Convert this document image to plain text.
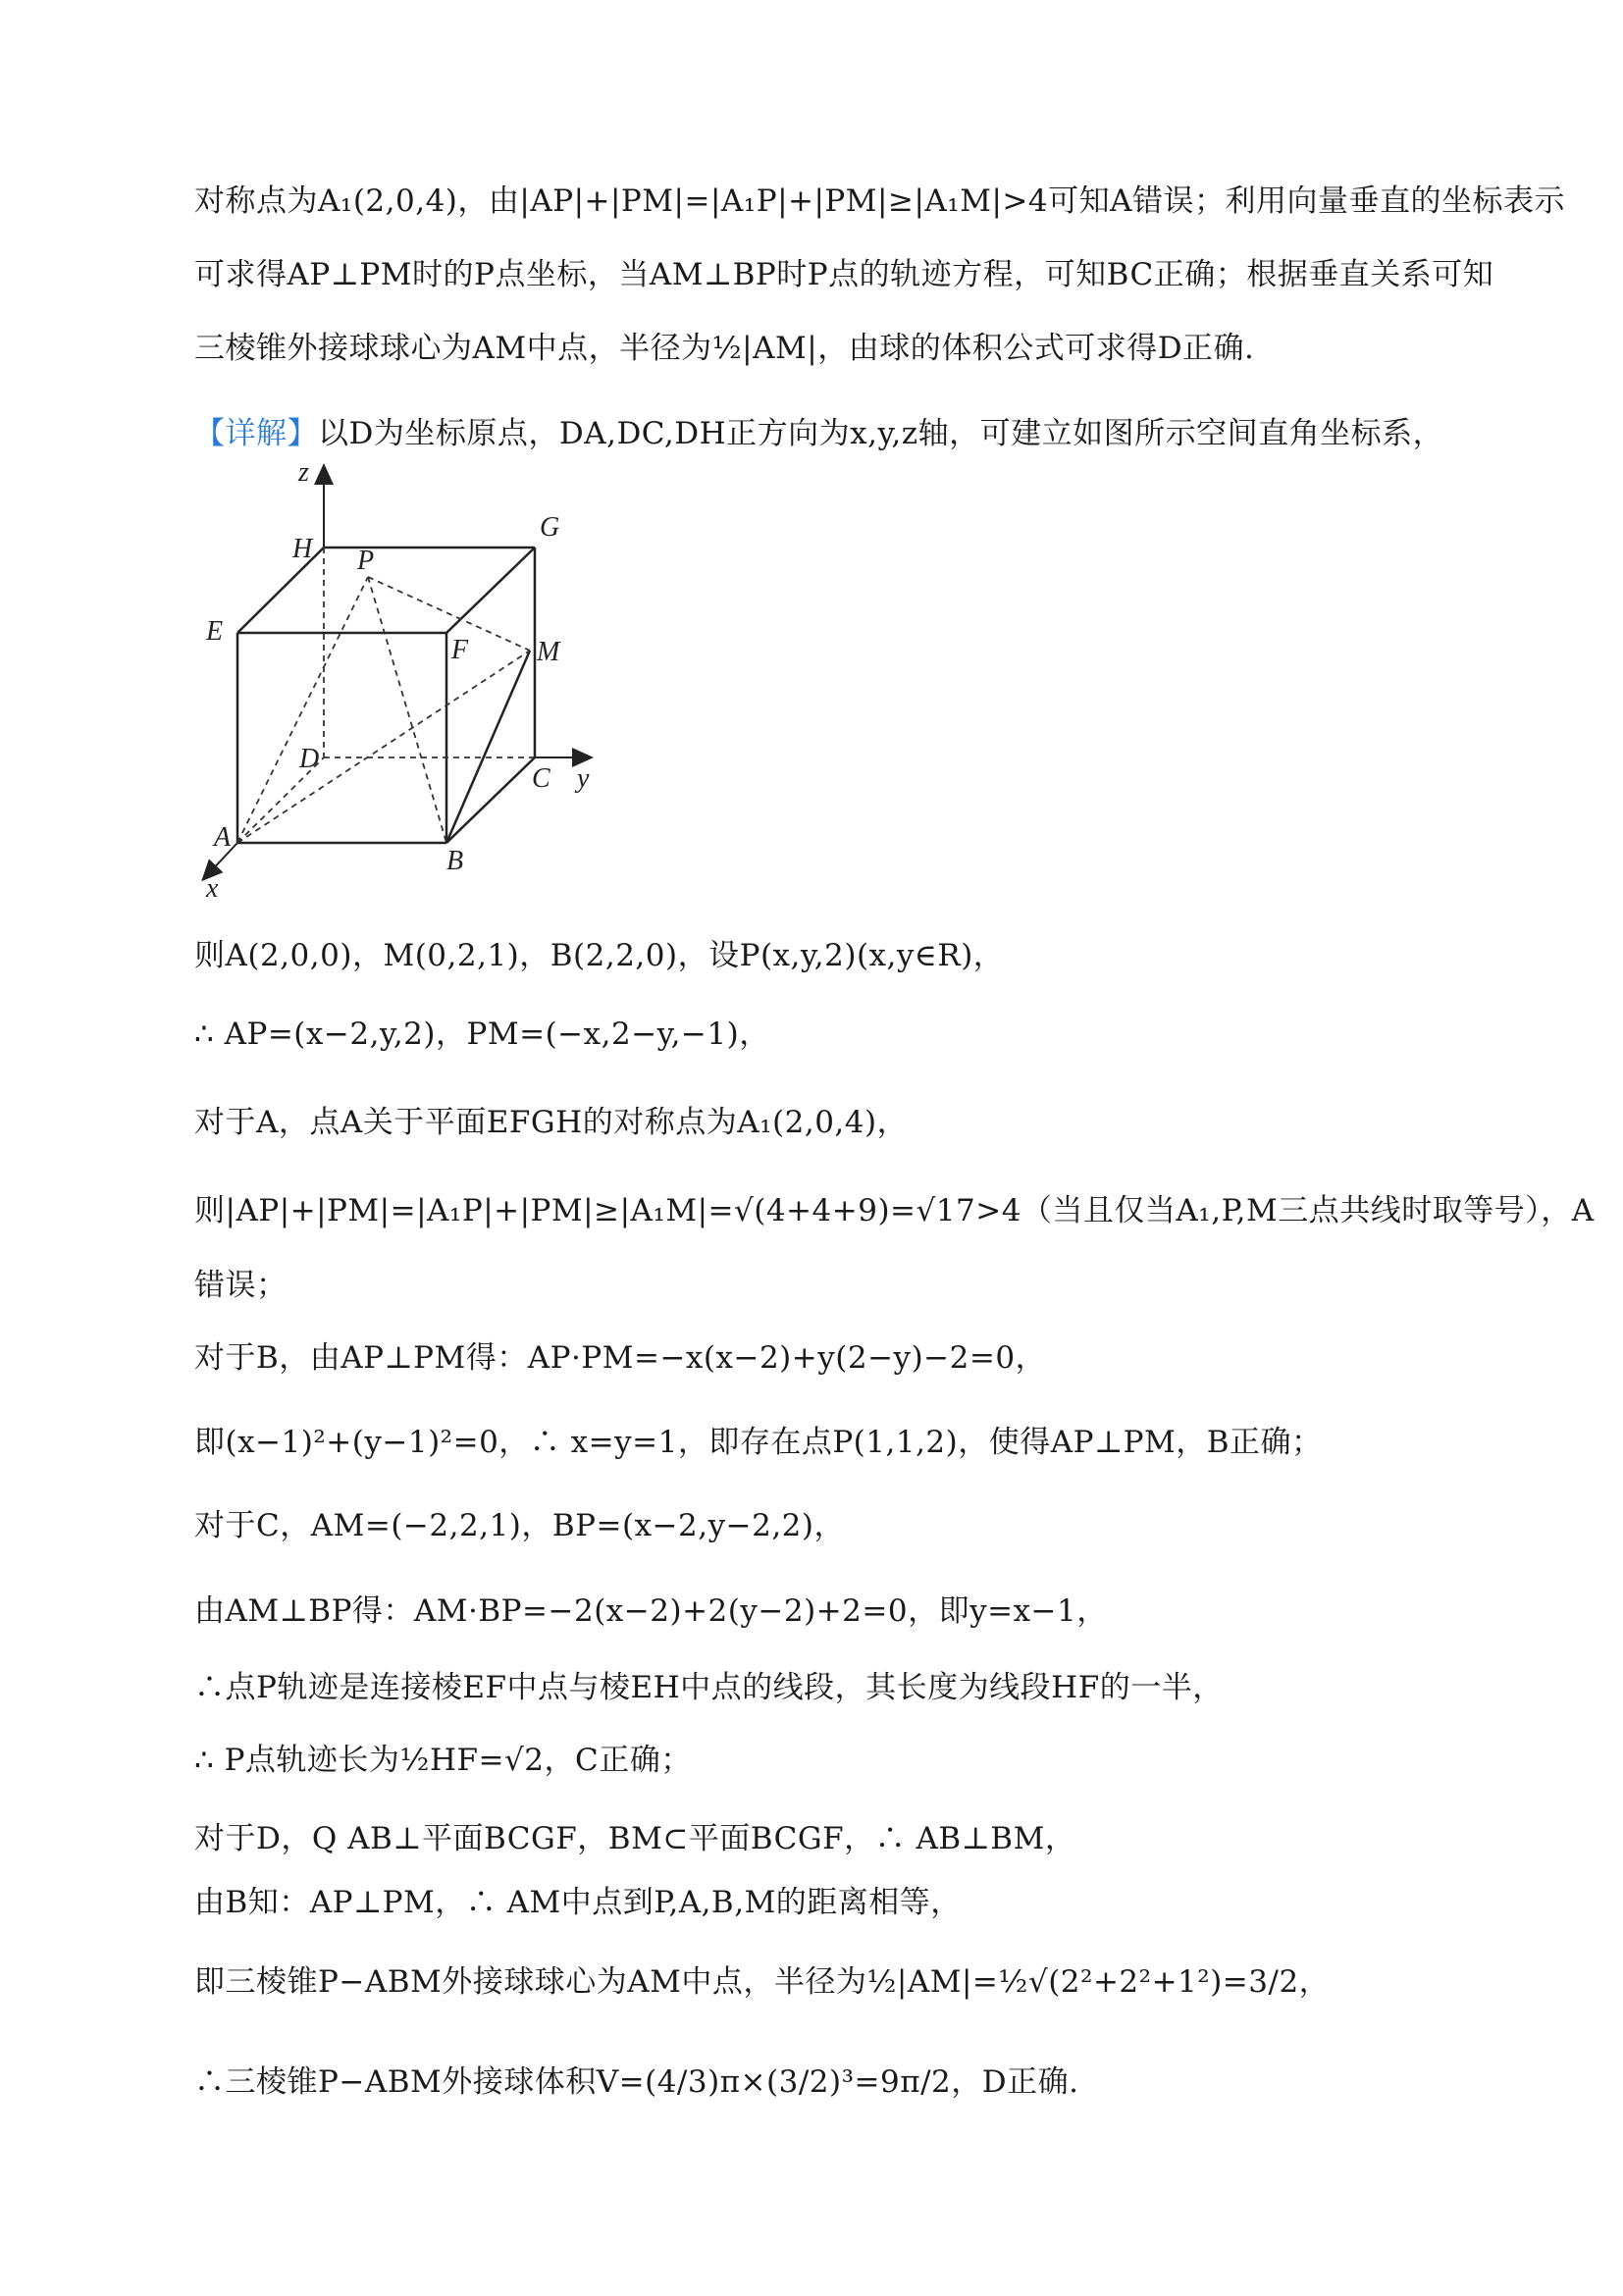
对称点为A₁(2,0,4)，由|AP|+|PM|=|A₁P|+|PM|≥|A₁M|>4可知A错误；利用向量垂直的坐标表示
可求得AP⊥PM时的P点坐标，当AM⊥BP时P点的轨迹方程，可知BC正确；根据垂直关系可知
三棱锥外接球球心为AM中点，半径为½|AM|，由球的体积公式可求得D正确.
【详解】以D为坐标原点，DA,DC,DH正方向为x,y,z轴，可建立如图所示空间直角坐标系，
z
H
G
P
E
F M
D
C y
A
B
x
则A(2,0,0)，M(0,2,1)，B(2,2,0)，设P(x,y,2)(x,y∈R)，
∴ AP=(x−2,y,2)，PM=(−x,2−y,−1)，
对于A，点A关于平面EFGH的对称点为A₁(2,0,4)，
则|AP|+|PM|=|A₁P|+|PM|≥|A₁M|=√(4+4+9)=√17>4（当且仅当A₁,P,M三点共线时取等号），A
错误；
对于B，由AP⊥PM得：AP·PM=−x(x−2)+y(2−y)−2=0，
即(x−1)²+(y−1)²=0，∴ x=y=1，即存在点P(1,1,2)，使得AP⊥PM，B正确；
对于C，AM=(−2,2,1)，BP=(x−2,y−2,2)，
由AM⊥BP得：AM·BP=−2(x−2)+2(y−2)+2=0，即y=x−1，
∴点P轨迹是连接棱EF中点与棱EH中点的线段，其长度为线段HF的一半，
∴ P点轨迹长为½HF=√2，C正确；
对于D，Q AB⊥平面BCGF，BM⊂平面BCGF，∴ AB⊥BM，
由B知：AP⊥PM，∴ AM中点到P,A,B,M的距离相等，
即三棱锥P−ABM外接球球心为AM中点，半径为½|AM|=½√(2²+2²+1²)=3/2，
∴三棱锥P−ABM外接球体积V=(4/3)π×(3/2)³=9π/2，D正确.
